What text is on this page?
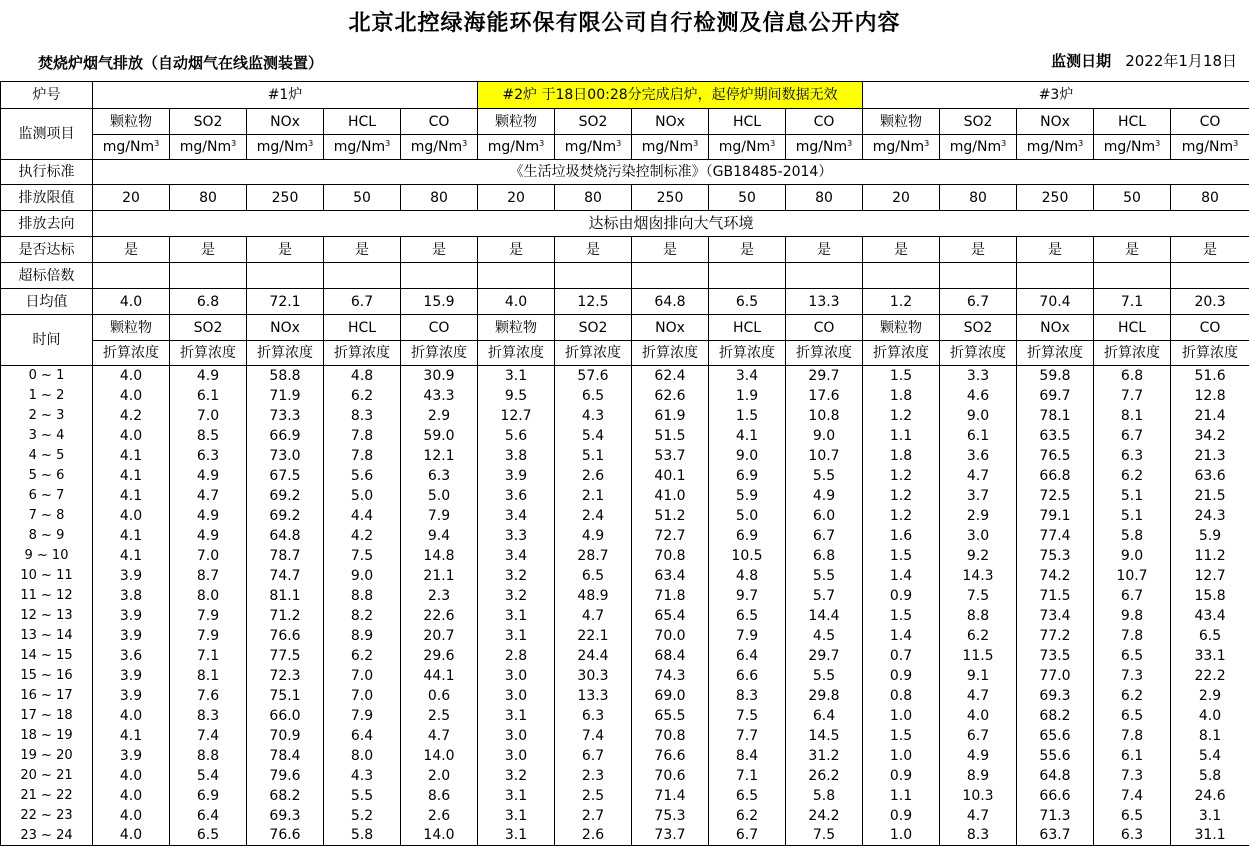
北京北控绿海能环保有限公司自行检测及信息公开内容
焚烧炉烟气排放（自动烟气在线监测装置）	监测日期 2022年1月18日
炉号	#1炉					#2炉 于18日00:28分完成启炉，起停炉期间数据无效					#3炉				
监测项目	颗粒物	SO2	NOx	HCL	CO	颗粒物	SO2	NOx	HCL	CO	颗粒物	SO2	NOx	HCL	CO
	mg/Nm$^3$	mg/Nm$^3$	mg/Nm$^3$	mg/Nm$^3$	mg/Nm$^3$	mg/Nm$^3$	mg/Nm$^3$	mg/Nm$^3$	mg/Nm$^3$	mg/Nm$^3$	mg/Nm$^3$	mg/Nm$^3$	mg/Nm$^3$	mg/Nm$^3$	mg/Nm$^3$
执行标准	《生活垃圾焚烧污染控制标准》（GB18485-2014）														
排放限值	20	80	250	50	80	20	80	250	50	80	20	80	250	50	80
排放去向	达标由烟囱排向大气环境														
是否达标	是	是	是	是	是	是	是	是	是	是	是	是	是	是	是
超标倍数															
日均值	4.0	6.8	72.1	6.7	15.9	4.0	12.5	64.8	6.5	13.3	1.2	6.7	70.4	7.1	20.3
时间	颗粒物	SO2	NOx	HCL	CO	颗粒物	SO2	NOx	HCL	CO	颗粒物	SO2	NOx	HCL	CO
	折算浓度	折算浓度	折算浓度	折算浓度	折算浓度	折算浓度	折算浓度	折算浓度	折算浓度	折算浓度	折算浓度	折算浓度	折算浓度	折算浓度	折算浓度
0 ~ 1	4.0	4.9	58.8	4.8	30.9	3.1	57.6	62.4	3.4	29.7	1.5	3.3	59.8	6.8	51.6
1 ~ 2	4.0	6.1	71.9	6.2	43.3	9.5	6.5	62.6	1.9	17.6	1.8	4.6	69.7	7.7	12.8
2 ~ 3	4.2	7.0	73.3	8.3	2.9	12.7	4.3	61.9	1.5	10.8	1.2	9.0	78.1	8.1	21.4
3 ~ 4	4.0	8.5	66.9	7.8	59.0	5.6	5.4	51.5	4.1	9.0	1.1	6.1	63.5	6.7	34.2
4 ~ 5	4.1	6.3	73.0	7.8	12.1	3.8	5.1	53.7	9.0	10.7	1.8	3.6	76.5	6.3	21.3
5 ~ 6	4.1	4.9	67.5	5.6	6.3	3.9	2.6	40.1	6.9	5.5	1.2	4.7	66.8	6.2	63.6
6 ~ 7	4.1	4.7	69.2	5.0	5.0	3.6	2.1	41.0	5.9	4.9	1.2	3.7	72.5	5.1	21.5
7 ~ 8	4.0	4.9	69.2	4.4	7.9	3.4	2.4	51.2	5.0	6.0	1.2	2.9	79.1	5.1	24.3
8 ~ 9	4.1	4.9	64.8	4.2	9.4	3.3	4.9	72.7	6.9	6.7	1.6	3.0	77.4	5.8	5.9
9 ~ 10	4.1	7.0	78.7	7.5	14.8	3.4	28.7	70.8	10.5	6.8	1.5	9.2	75.3	9.0	11.2
10 ~ 11	3.9	8.7	74.7	9.0	21.1	3.2	6.5	63.4	4.8	5.5	1.4	14.3	74.2	10.7	12.7
11 ~ 12	3.8	8.0	81.1	8.8	2.3	3.2	48.9	71.8	9.7	5.7	0.9	7.5	71.5	6.7	15.8
12 ~ 13	3.9	7.9	71.2	8.2	22.6	3.1	4.7	65.4	6.5	14.4	1.5	8.8	73.4	9.8	43.4
13 ~ 14	3.9	7.9	76.6	8.9	20.7	3.1	22.1	70.0	7.9	4.5	1.4	6.2	77.2	7.8	6.5
14 ~ 15	3.6	7.1	77.5	6.2	29.6	2.8	24.4	68.4	6.4	29.7	0.7	11.5	73.5	6.5	33.1
15 ~ 16	3.9	8.1	72.3	7.0	44.1	3.0	30.3	74.3	6.6	5.5	0.9	9.1	77.0	7.3	22.2
16 ~ 17	3.9	7.6	75.1	7.0	0.6	3.0	13.3	69.0	8.3	29.8	0.8	4.7	69.3	6.2	2.9
17 ~ 18	4.0	8.3	66.0	7.9	2.5	3.1	6.3	65.5	7.5	6.4	1.0	4.0	68.2	6.5	4.0
18 ~ 19	4.1	7.4	70.9	6.4	4.7	3.0	7.4	70.8	7.7	14.5	1.5	6.7	65.6	7.8	8.1
19 ~ 20	3.9	8.8	78.4	8.0	14.0	3.0	6.7	76.6	8.4	31.2	1.0	4.9	55.6	6.1	5.4
20 ~ 21	4.0	5.4	79.6	4.3	2.0	3.2	2.3	70.6	7.1	26.2	0.9	8.9	64.8	7.3	5.8
21 ~ 22	4.0	6.9	68.2	5.5	8.6	3.1	2.5	71.4	6.5	5.8	1.1	10.3	66.6	7.4	24.6
22 ~ 23	4.0	6.4	69.3	5.2	2.6	3.1	2.7	75.3	6.2	24.2	0.9	4.7	71.3	6.5	3.1
23 ~ 24	4.0	6.5	76.6	5.8	14.0	3.1	2.6	73.7	6.7	7.5	1.0	8.3	63.7	6.3	31.1
